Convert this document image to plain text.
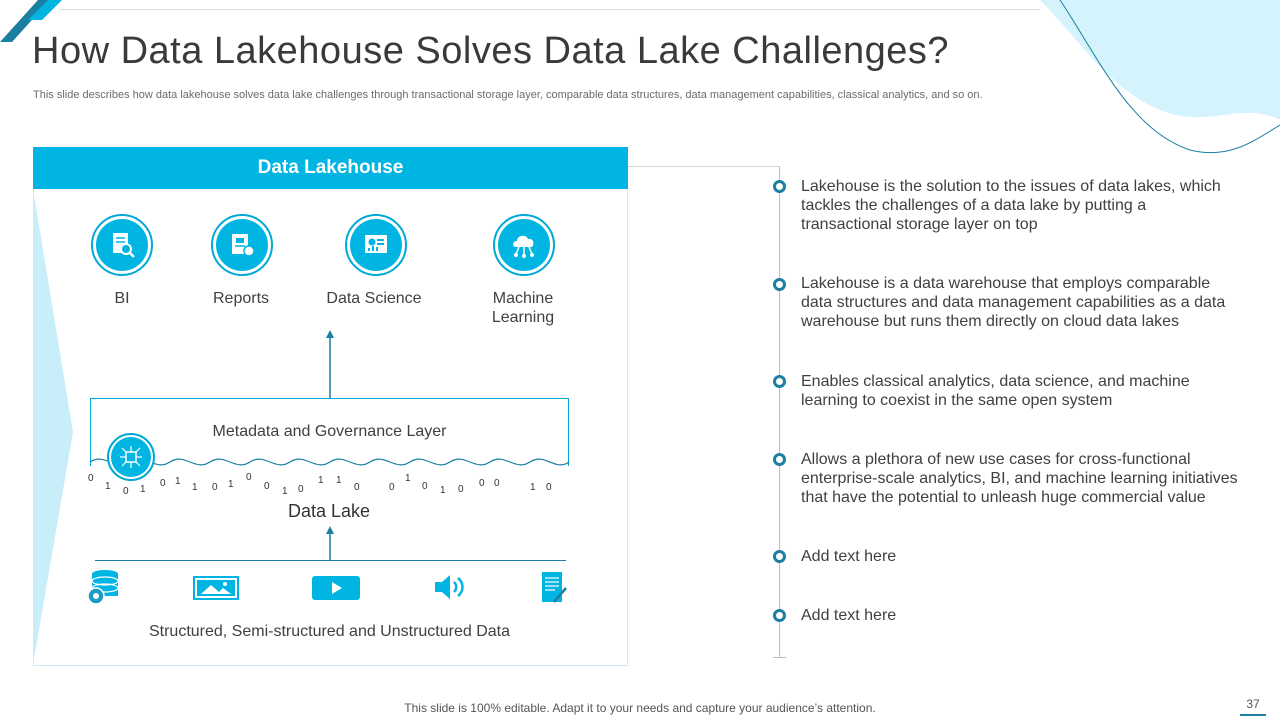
How Data Lakehouse Solves Data Lake Challenges?
This slide describes how data lakehouse solves data lake challenges through transactional storage layer, comparable data structures, data management capabilities, classical analytics, and so on.
Data Lakehouse
BI	Reports	Data Science	Machine Learning
Metadata and Governance Layer
0
1 0 1
0 1
1 0 1
0
0 1 0
1 1
0	0
1
0 1 0
0 0	1 0
Data Lake
Structured, Semi-structured and Unstructured Data
Lakehouse is the solution to the issues of data lakes, which tackles the challenges of a data lake by putting a transactional storage layer on top
Lakehouse is a data warehouse that employs comparable data structures and data management capabilities as a data warehouse but runs them directly on cloud data lakes
Enables classical analytics, data science, and machine learning to coexist in the same open system
Allows a plethora of new use cases for cross-functional enterprise-scale analytics, BI, and machine learning initiatives that have the potential to unleash huge commercial value
Add text here
Add text here
This slide is 100% editable. Adapt it to your needs and capture your audience’s attention.	37
